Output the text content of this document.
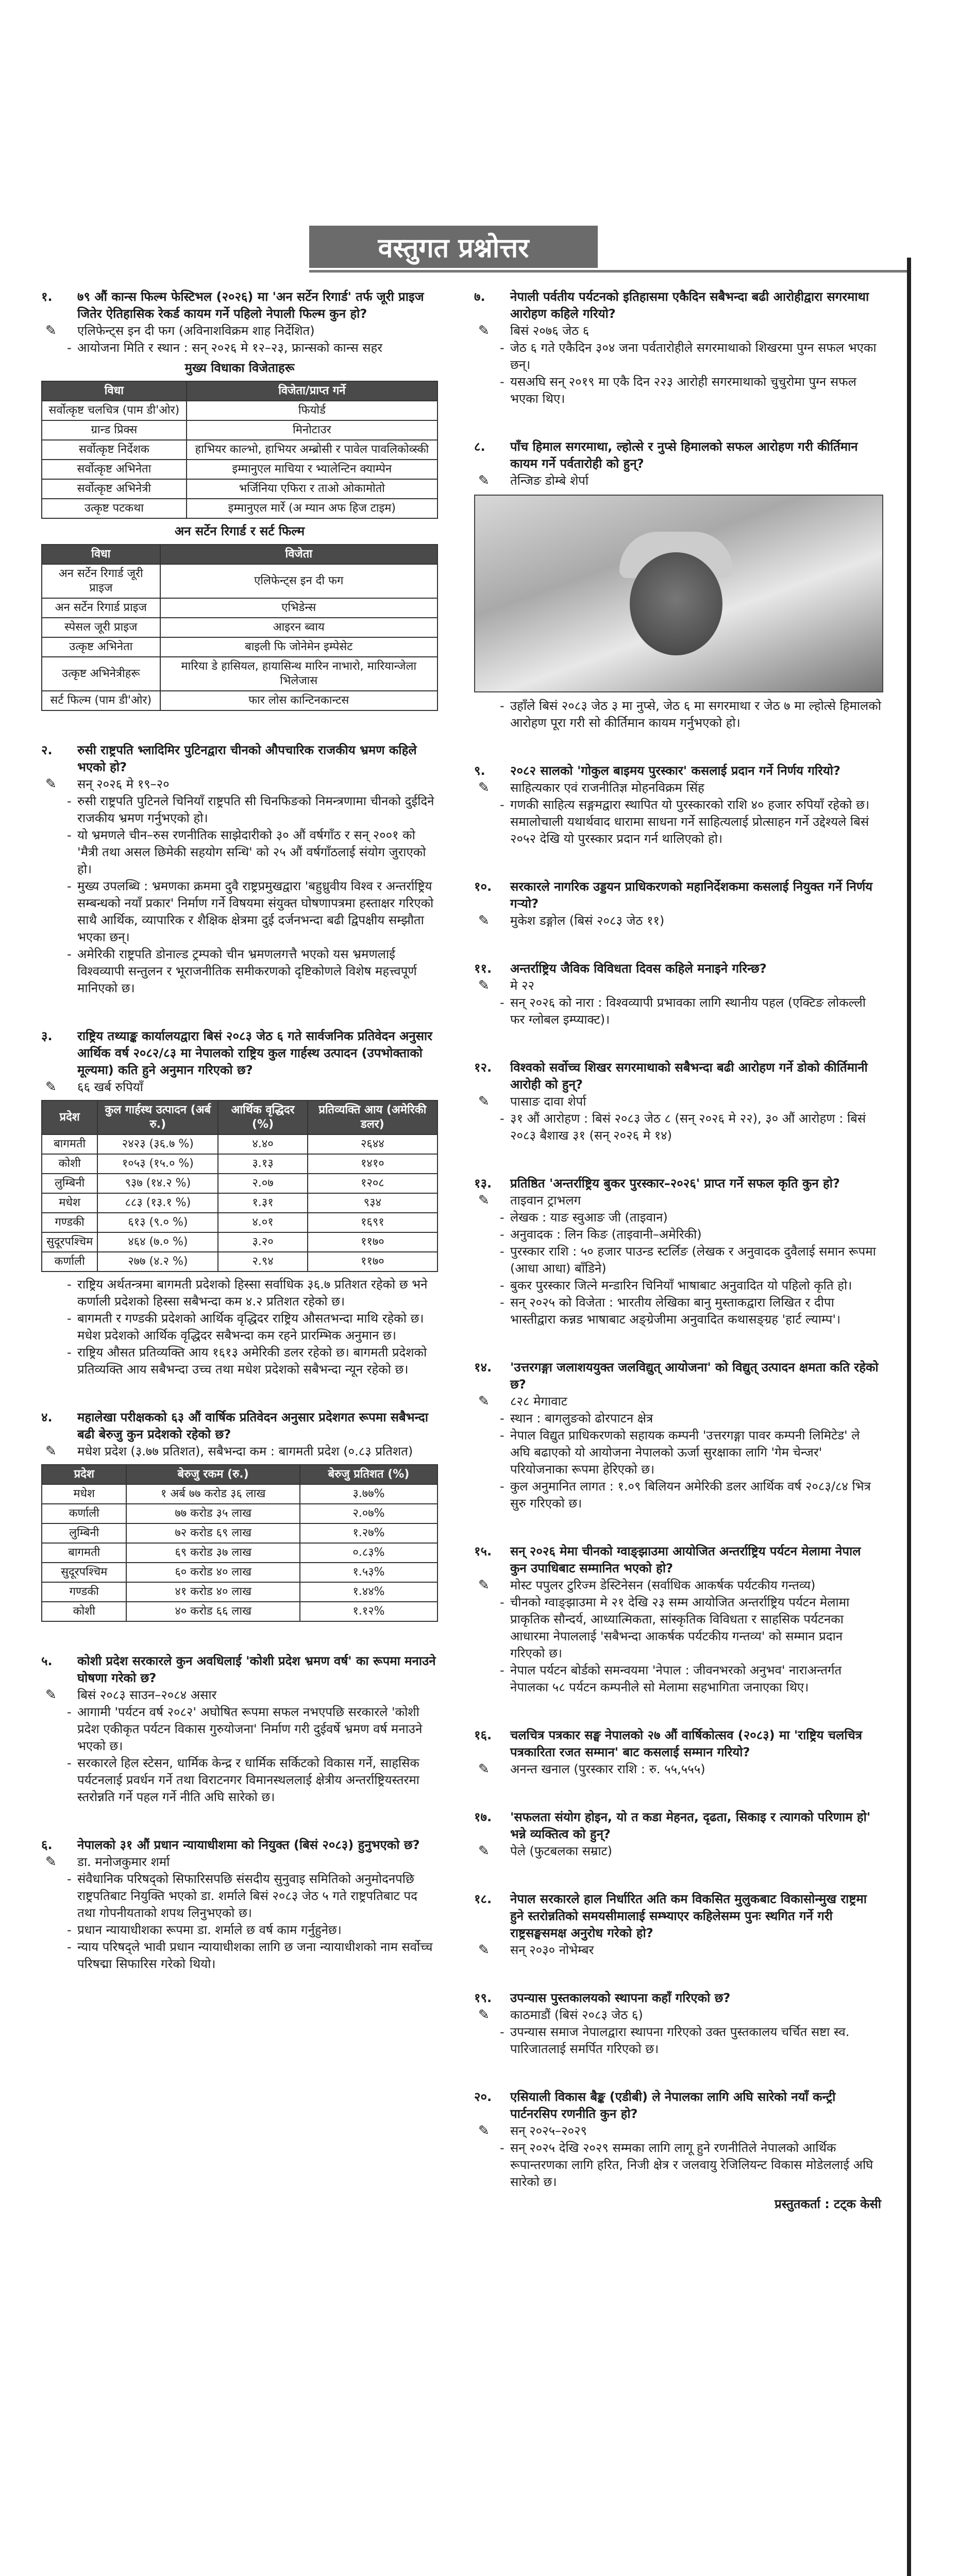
वस्तुगत प्रश्नोत्तर
१. ७९ औं कान्स फिल्म फेस्टिभल (२०२६) मा 'अन सर्टेन रिगार्ड' तर्फ जूरी प्राइज जितेर ऐतिहासिक रेकर्ड कायम गर्ने पहिलो नेपाली फिल्म कुन हो?
✎ एलिफेन्ट्स इन दी फग (अविनाशविक्रम शाह निर्देशित)
- आयोजना मिति र स्थान : सन् २०२६ मे १२–२३, फ्रान्सको कान्स सहर
मुख्य विधाका विजेताहरू
विधा	विजेता/प्राप्त गर्ने
सर्वोत्कृष्ट चलचित्र (पाम डी'ओर)	फियोर्ड
ग्रान्ड प्रिक्स	मिनोटाउर
सर्वोत्कृष्ट निर्देशक	हाभियर काल्भो, हाभियर अम्ब्रोसी र पावेल पावलिकोव्स्की
सर्वोत्कृष्ट अभिनेता	इम्मानुएल माचिया र भ्यालेन्टिन क्याम्पेन
सर्वोत्कृष्ट अभिनेत्री	भर्जिनिया एफिरा र ताओ ओकामोतो
उत्कृष्ट पटकथा	इम्मानुएल मार्रे (अ म्यान अफ हिज टाइम)
अन सर्टेन रिगार्ड र सर्ट फिल्म
विधा	विजेता
अन सर्टेन रिगार्ड जूरी प्राइज	एलिफेन्ट्स इन दी फग
अन सर्टेन रिगार्ड प्राइज	एभिडेन्स
स्पेसल जूरी प्राइज	आइरन ब्वाय
उत्कृष्ट अभिनेता	बाइली फि जोनेमेन इम्पेसेट
उत्कृष्ट अभिनेत्रीहरू	मारिया डे हासियल, हायासिन्थ मारिन नाभारो, मारियान्जेला भिलेजास
सर्ट फिल्म (पाम डी'ओर)	फार लोस कान्टिनकान्टस
२. रुसी राष्ट्रपति भ्लादिमिर पुटिनद्वारा चीनको औपचारिक राजकीय भ्रमण कहिले भएको हो?
✎ सन् २०२६ मे १९–२०
- रुसी राष्ट्रपति पुटिनले चिनियाँ राष्ट्रपति सी चिनफिङको निमन्त्रणामा चीनको दुईदिने राजकीय भ्रमण गर्नुभएको हो।
- यो भ्रमणले चीन–रुस रणनीतिक साझेदारीको ३० औं वर्षगाँठ र सन् २००१ को 'मैत्री तथा असल छिमेकी सहयोग सन्धि' को २५ औं वर्षगाँठलाई संयोग जुराएको हो।
- मुख्य उपलब्धि : भ्रमणका क्रममा दुवै राष्ट्रप्रमुखद्वारा 'बहुध्रुवीय विश्व र अन्तर्राष्ट्रिय सम्बन्धको नयाँ प्रकार' निर्माण गर्ने विषयमा संयुक्त घोषणापत्रमा हस्ताक्षर गरिएको साथै आर्थिक, व्यापारिक र शैक्षिक क्षेत्रमा दुई दर्जनभन्दा बढी द्विपक्षीय सम्झौता भएका छन्।
- अमेरिकी राष्ट्रपति डोनाल्ड ट्रम्पको चीन भ्रमणलगत्तै भएको यस भ्रमणलाई विश्वव्यापी सन्तुलन र भूराजनीतिक समीकरणको दृष्टिकोणले विशेष महत्त्वपूर्ण मानिएको छ।
३. राष्ट्रिय तथ्याङ्क कार्यालयद्वारा बिसं २०८३ जेठ ६ गते सार्वजनिक प्रतिवेदन अनुसार आर्थिक वर्ष २०८२/८३ मा नेपालको राष्ट्रिय कुल गार्हस्थ उत्पादन (उपभोक्ताको मूल्यमा) कति हुने अनुमान गरिएको छ?
✎ ६६ खर्ब रुपियाँ
प्रदेश	कुल गार्हस्थ उत्पादन (अर्ब रु.)	आर्थिक वृद्धिदर (%)	प्रतिव्यक्ति आय (अमेरिकी डलर)
बागमती	२४२३ (३६.७ %)	४.४०	२६४४
कोशी	१०५३ (१५.० %)	३.१३	१४१०
लुम्बिनी	९३७ (१४.२ %)	२.०७	१२०८
मधेश	८८३ (१३.१ %)	१.३१	९३४
गण्डकी	६१३ (९.० %)	४.०१	१६९१
सुदूरपश्चिम	४६४ (७.० %)	३.२०	११७०
कर्णाली	२७७ (४.२ %)	२.९४	११७०
- राष्ट्रिय अर्थतन्त्रमा बागमती प्रदेशको हिस्सा सर्वाधिक ३६.७ प्रतिशत रहेको छ भने कर्णाली प्रदेशको हिस्सा सबैभन्दा कम ४.२ प्रतिशत रहेको छ।
- बागमती र गण्डकी प्रदेशको आर्थिक वृद्धिदर राष्ट्रिय औसतभन्दा माथि रहेको छ। मधेश प्रदेशको आर्थिक वृद्धिदर सबैभन्दा कम रहने प्रारम्भिक अनुमान छ।
- राष्ट्रिय औसत प्रतिव्यक्ति आय १६१३ अमेरिकी डलर रहेको छ। बागमती प्रदेशको प्रतिव्यक्ति आय सबैभन्दा उच्च तथा मधेश प्रदेशको सबैभन्दा न्यून रहेको छ।
४. महालेखा परीक्षकको ६३ औं वार्षिक प्रतिवेदन अनुसार प्रदेशगत रूपमा सबैभन्दा बढी बेरुजु कुन प्रदेशको रहेको छ?
✎ मधेश प्रदेश (३.७७ प्रतिशत), सबैभन्दा कम : बागमती प्रदेश (०.८३ प्रतिशत)
प्रदेश	बेरुजु रकम (रु.)	बेरुजु प्रतिशत (%)
मधेश	१ अर्ब ७७ करोड ३६ लाख	३.७७%
कर्णाली	७७ करोड ३५ लाख	२.०७%
लुम्बिनी	७२ करोड ६९ लाख	१.२७%
बागमती	६९ करोड ३७ लाख	०.८३%
सुदूरपश्चिम	६० करोड ४० लाख	१.५३%
गण्डकी	४१ करोड ४० लाख	१.४४%
कोशी	४० करोड ६६ लाख	१.१२%
५. कोशी प्रदेश सरकारले कुन अवधिलाई 'कोशी प्रदेश भ्रमण वर्ष' का रूपमा मनाउने घोषणा गरेको छ?
✎ बिसं २०८३ साउन–२०८४ असार
- आगामी 'पर्यटन वर्ष २०८२' अघोषित रूपमा सफल नभएपछि सरकारले 'कोशी प्रदेश एकीकृत पर्यटन विकास गुरुयोजना' निर्माण गरी दुईवर्षे भ्रमण वर्ष मनाउने भएको छ।
- सरकारले हिल स्टेसन, धार्मिक केन्द्र र धार्मिक सर्किटको विकास गर्ने, साहसिक पर्यटनलाई प्रवर्धन गर्ने तथा विराटनगर विमानस्थललाई क्षेत्रीय अन्तर्राष्ट्रियस्तरमा स्तरोन्नति गर्ने पहल गर्ने नीति अघि सारेको छ।
६. नेपालको ३१ औं प्रधान न्यायाधीशमा को नियुक्त (बिसं २०८३) हुनुभएको छ?
✎ डा. मनोजकुमार शर्मा
- संवैधानिक परिषद्को सिफारिसपछि संसदीय सुनुवाइ समितिको अनुमोदनपछि राष्ट्रपतिबाट नियुक्ति भएको डा. शर्माले बिसं २०८३ जेठ ५ गते राष्ट्रपतिबाट पद तथा गोपनीयताको शपथ लिनुभएको छ।
- प्रधान न्यायाधीशका रूपमा डा. शर्माले छ वर्ष काम गर्नुहुनेछ।
- न्याय परिषद्ले भावी प्रधान न्यायाधीशका लागि छ जना न्यायाधीशको नाम सर्वोच्च परिषद्मा सिफारिस गरेको थियो।
७. नेपाली पर्वतीय पर्यटनको इतिहासमा एकैदिन सबैभन्दा बढी आरोहीद्वारा सगरमाथा आरोहण कहिले गरियो?
✎ बिसं २०७६ जेठ ६
- जेठ ६ गते एकैदिन ३०४ जना पर्वतारोहीले सगरमाथाको शिखरमा पुग्न सफल भएका छन्।
- यसअघि सन् २०१९ मा एकै दिन २२३ आरोही सगरमाथाको चुचुरोमा पुग्न सफल भएका थिए।
८. पाँच हिमाल सगरमाथा, ल्होत्से र नुप्से हिमालको सफल आरोहण गरी कीर्तिमान कायम गर्ने पर्वतारोही को हुन्?
✎ तेन्जिङ डोम्बे शेर्पा
- उहाँले बिसं २०८३ जेठ ३ मा नुप्से, जेठ ६ मा सगरमाथा र जेठ ७ मा ल्होत्से हिमालको आरोहण पूरा गरी सो कीर्तिमान कायम गर्नुभएको हो।
९. २०८२ सालको 'गोकुल बाइमय पुरस्कार' कसलाई प्रदान गर्ने निर्णय गरियो?
✎ साहित्यकार एवं राजनीतिज्ञ मोहनविक्रम सिंह
- गणकी साहित्य सङ्गमद्वारा स्थापित यो पुरस्कारको राशि ४० हजार रुपियाँ रहेको छ। समालोचाली यथार्थवाद धारामा साधना गर्ने साहित्यलाई प्रोत्साहन गर्ने उद्देश्यले बिसं २०५२ देखि यो पुरस्कार प्रदान गर्न थालिएको हो।
१०. सरकारले नागरिक उड्डयन प्राधिकरणको महानिर्देशकमा कसलाई नियुक्त गर्ने निर्णय गऱ्यो?
✎ मुकेश डङ्गोल (बिसं २०८३ जेठ ११)
११. अन्तर्राष्ट्रिय जैविक विविधता दिवस कहिले मनाइने गरिन्छ?
✎ मे २२
- सन् २०२६ को नारा : विश्वव्यापी प्रभावका लागि स्थानीय पहल (एक्टिङ लोकल्ली फर ग्लोबल इम्प्याक्ट)।
१२. विश्वको सर्वोच्च शिखर सगरमाथाको सबैभन्दा बढी आरोहण गर्ने डोको कीर्तिमानी आरोही को हुन्?
✎ पासाङ दावा शेर्पा
- ३१ औं आरोहण : बिसं २०८३ जेठ ८ (सन् २०२६ मे २२), ३० औं आरोहण : बिसं २०८३ बैशाख ३१ (सन् २०२६ मे १४)
१३. प्रतिष्ठित 'अन्तर्राष्ट्रिय बुकर पुरस्कार–२०२६' प्राप्त गर्ने सफल कृति कुन हो?
✎ ताइवान ट्राभलग
- लेखक : याङ स्वुआङ जी (ताइवान)
- अनुवादक : लिन किङ (ताइवानी–अमेरिकी)
- पुरस्कार राशि : ५० हजार पाउन्ड स्टर्लिङ (लेखक र अनुवादक दुवैलाई समान रूपमा (आधा आधा) बाँडिने)
- बुकर पुरस्कार जित्ने मन्डारिन चिनियाँ भाषाबाट अनुवादित यो पहिलो कृति हो।
- सन् २०२५ को विजेता : भारतीय लेखिका बानु मुस्ताकद्वारा लिखित र दीपा भास्तीद्वारा कन्नड भाषाबाट अङ्ग्रेजीमा अनुवादित कथासङ्ग्रह 'हार्ट ल्याम्प'।
१४. 'उत्तरगङ्गा जलाशययुक्त जलविद्युत् आयोजना' को विद्युत् उत्पादन क्षमता कति रहेको छ?
✎ ८२८ मेगावाट
- स्थान : बागलुङको ढोरपाटन क्षेत्र
- नेपाल विद्युत प्राधिकरणको सहायक कम्पनी 'उत्तरगङ्गा पावर कम्पनी लिमिटेड' ले अघि बढाएको यो आयोजना नेपालको ऊर्जा सुरक्षाका लागि 'गेम चेन्जर' परियोजनाका रूपमा हेरिएको छ।
- कुल अनुमानित लागत : १.०९ बिलियन अमेरिकी डलर आर्थिक वर्ष २०८३/८४ भित्र सुरु गरिएको छ।
१५. सन् २०२६ मेमा चीनको ग्वाङ्झाउमा आयोजित अन्तर्राष्ट्रिय पर्यटन मेलामा नेपाल कुन उपाधिबाट सम्मानित भएको हो?
✎ मोस्ट पपुलर टुरिज्म डेस्टिनेसन (सर्वाधिक आकर्षक पर्यटकीय गन्तव्य)
- चीनको ग्वाङ्झाउमा मे २१ देखि २३ सम्म आयोजित अन्तर्राष्ट्रिय पर्यटन मेलामा प्राकृतिक सौन्दर्य, आध्यात्मिकता, सांस्कृतिक विविधता र साहसिक पर्यटनका आधारमा नेपाललाई 'सबैभन्दा आकर्षक पर्यटकीय गन्तव्य' को सम्मान प्रदान गरिएको छ।
- नेपाल पर्यटन बोर्डको समन्वयमा 'नेपाल : जीवनभरको अनुभव' नाराअन्तर्गत नेपालका ५८ पर्यटन कम्पनीले सो मेलामा सहभागिता जनाएका थिए।
१६. चलचित्र पत्रकार सङ्घ नेपालको २७ औं वार्षिकोत्सव (२०८३) मा 'राष्ट्रिय चलचित्र पत्रकारिता रजत सम्मान' बाट कसलाई सम्मान गरियो?
✎ अनन्त खनाल (पुरस्कार राशि : रु. ५५,५५५)
१७. 'सफलता संयोग होइन, यो त कडा मेहनत, दृढता, सिकाइ र त्यागको परिणाम हो' भन्ने व्यक्तित्व को हुन्?
✎ पेले (फुटबलका सम्राट)
१८. नेपाल सरकारले हाल निर्धारित अति कम विकसित मुलुकबाट विकासोन्मुख राष्ट्रमा हुने स्तरोन्नतिको समयसीमालाई सम्भ्याएर कहिलेसम्म पुनः स्थगित गर्ने गरी राष्ट्रसङ्घसमक्ष अनुरोध गरेको हो?
✎ सन् २०३० नोभेम्बर
१९. उपन्यास पुस्तकालयको स्थापना कहाँ गरिएको छ?
✎ काठमाडौं (बिसं २०८३ जेठ ६)
- उपन्यास समाज नेपालद्वारा स्थापना गरिएको उक्त पुस्तकालय चर्चित सष्टा स्व. पारिजातलाई समर्पित गरिएको छ।
२०. एसियाली विकास बैङ्क (एडीबी) ले नेपालका लागि अघि सारेको नयाँ कन्ट्री पार्टनरसिप रणनीति कुन हो?
✎ सन् २०२५–२०२९
- सन् २०२५ देखि २०२९ सम्मका लागि लागू हुने रणनीतिले नेपालको आर्थिक रूपान्तरणका लागि हरित, निजी क्षेत्र र जलवायु रेजिलियन्ट विकास मोडेललाई अघि सारेको छ।
प्रस्तुतकर्ता : टट्क केसी
